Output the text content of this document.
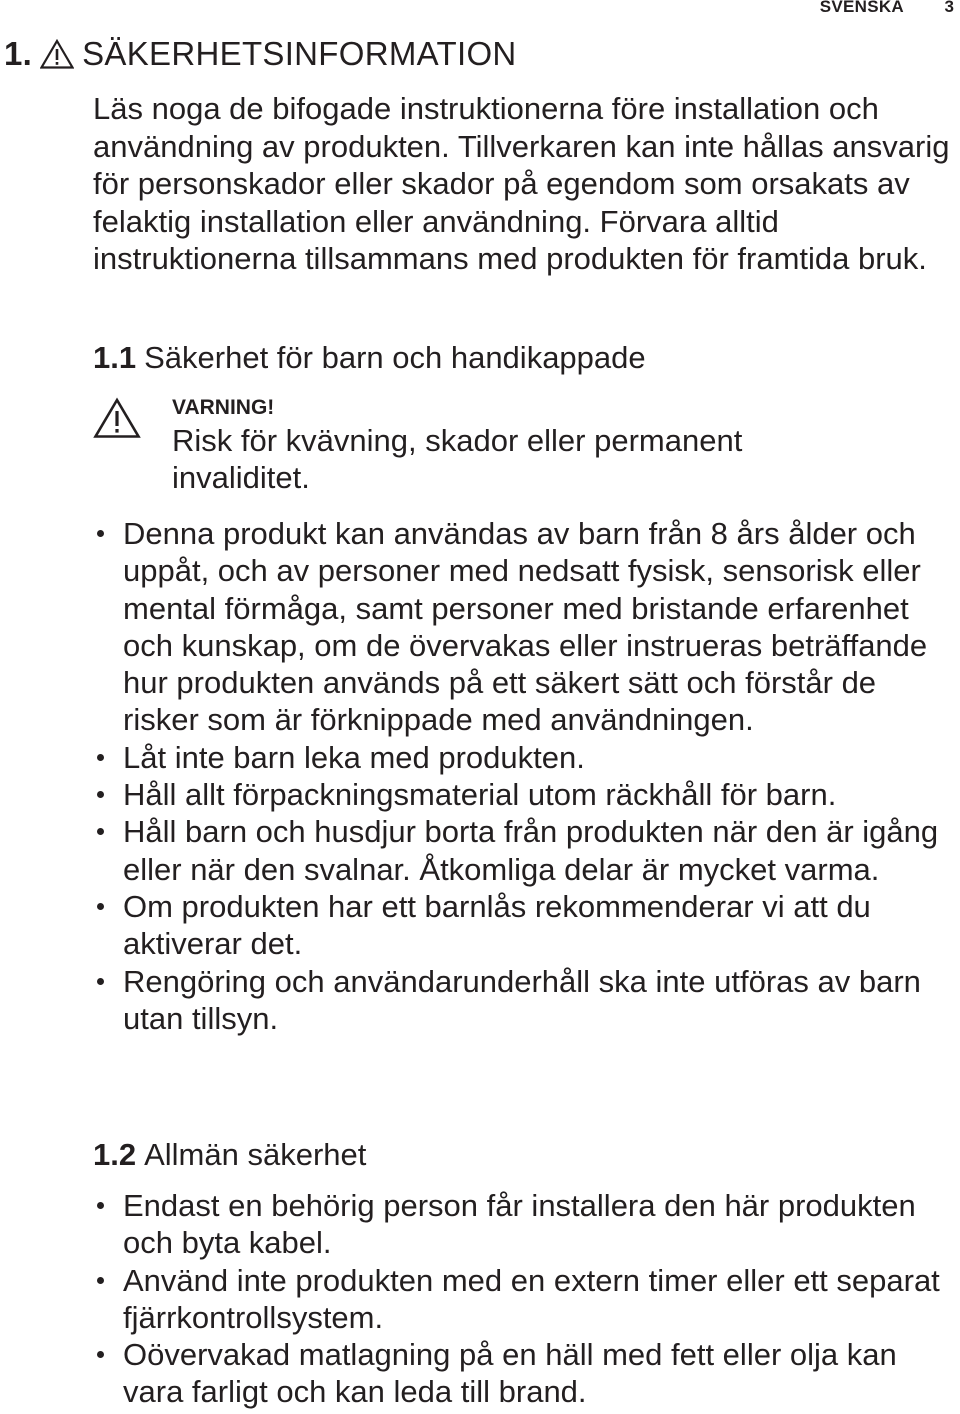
SVENSKA 3
1. SÄKERHETSINFORMATION

Läs noga de bifogade instruktionerna före installation och användning av produkten. Tillverkaren kan inte hållas ansvarig för personskador eller skador på egendom som orsakats av felaktig installation eller användning. Förvara alltid instruktionerna tillsammans med produkten för framtida bruk.

1.1 Säkerhet för barn och handikappade
VARNING!

Risk för kvävning, skador eller permanent invaliditet.

Denna produkt kan användas av barn från 8 års ålder och uppåt, och av personer med nedsatt fysisk, sensorisk eller mental förmåga, samt personer med bristande erfarenhet och kunskap, om de övervakas eller instrueras beträffande hur produkten används på ett säkert sätt och förstår de risker som är förknippade med användningen.
Låt inte barn leka med produkten.
Håll allt förpackningsmaterial utom räckhåll för barn.
Håll barn och husdjur borta från produkten när den är igång eller när den svalnar. Åtkomliga delar är mycket varma.
Om produkten har ett barnlås rekommenderar vi att du aktiverar det.
Rengöring och användarunderhåll ska inte utföras av barn utan tillsyn.
1.2 Allmän säkerhet
Endast en behörig person får installera den här produkten och byta kabel.
Använd inte produkten med en extern timer eller ett separat fjärrkontrollsystem.
Oövervakad matlagning på en häll med fett eller olja kan vara farligt och kan leda till brand.
